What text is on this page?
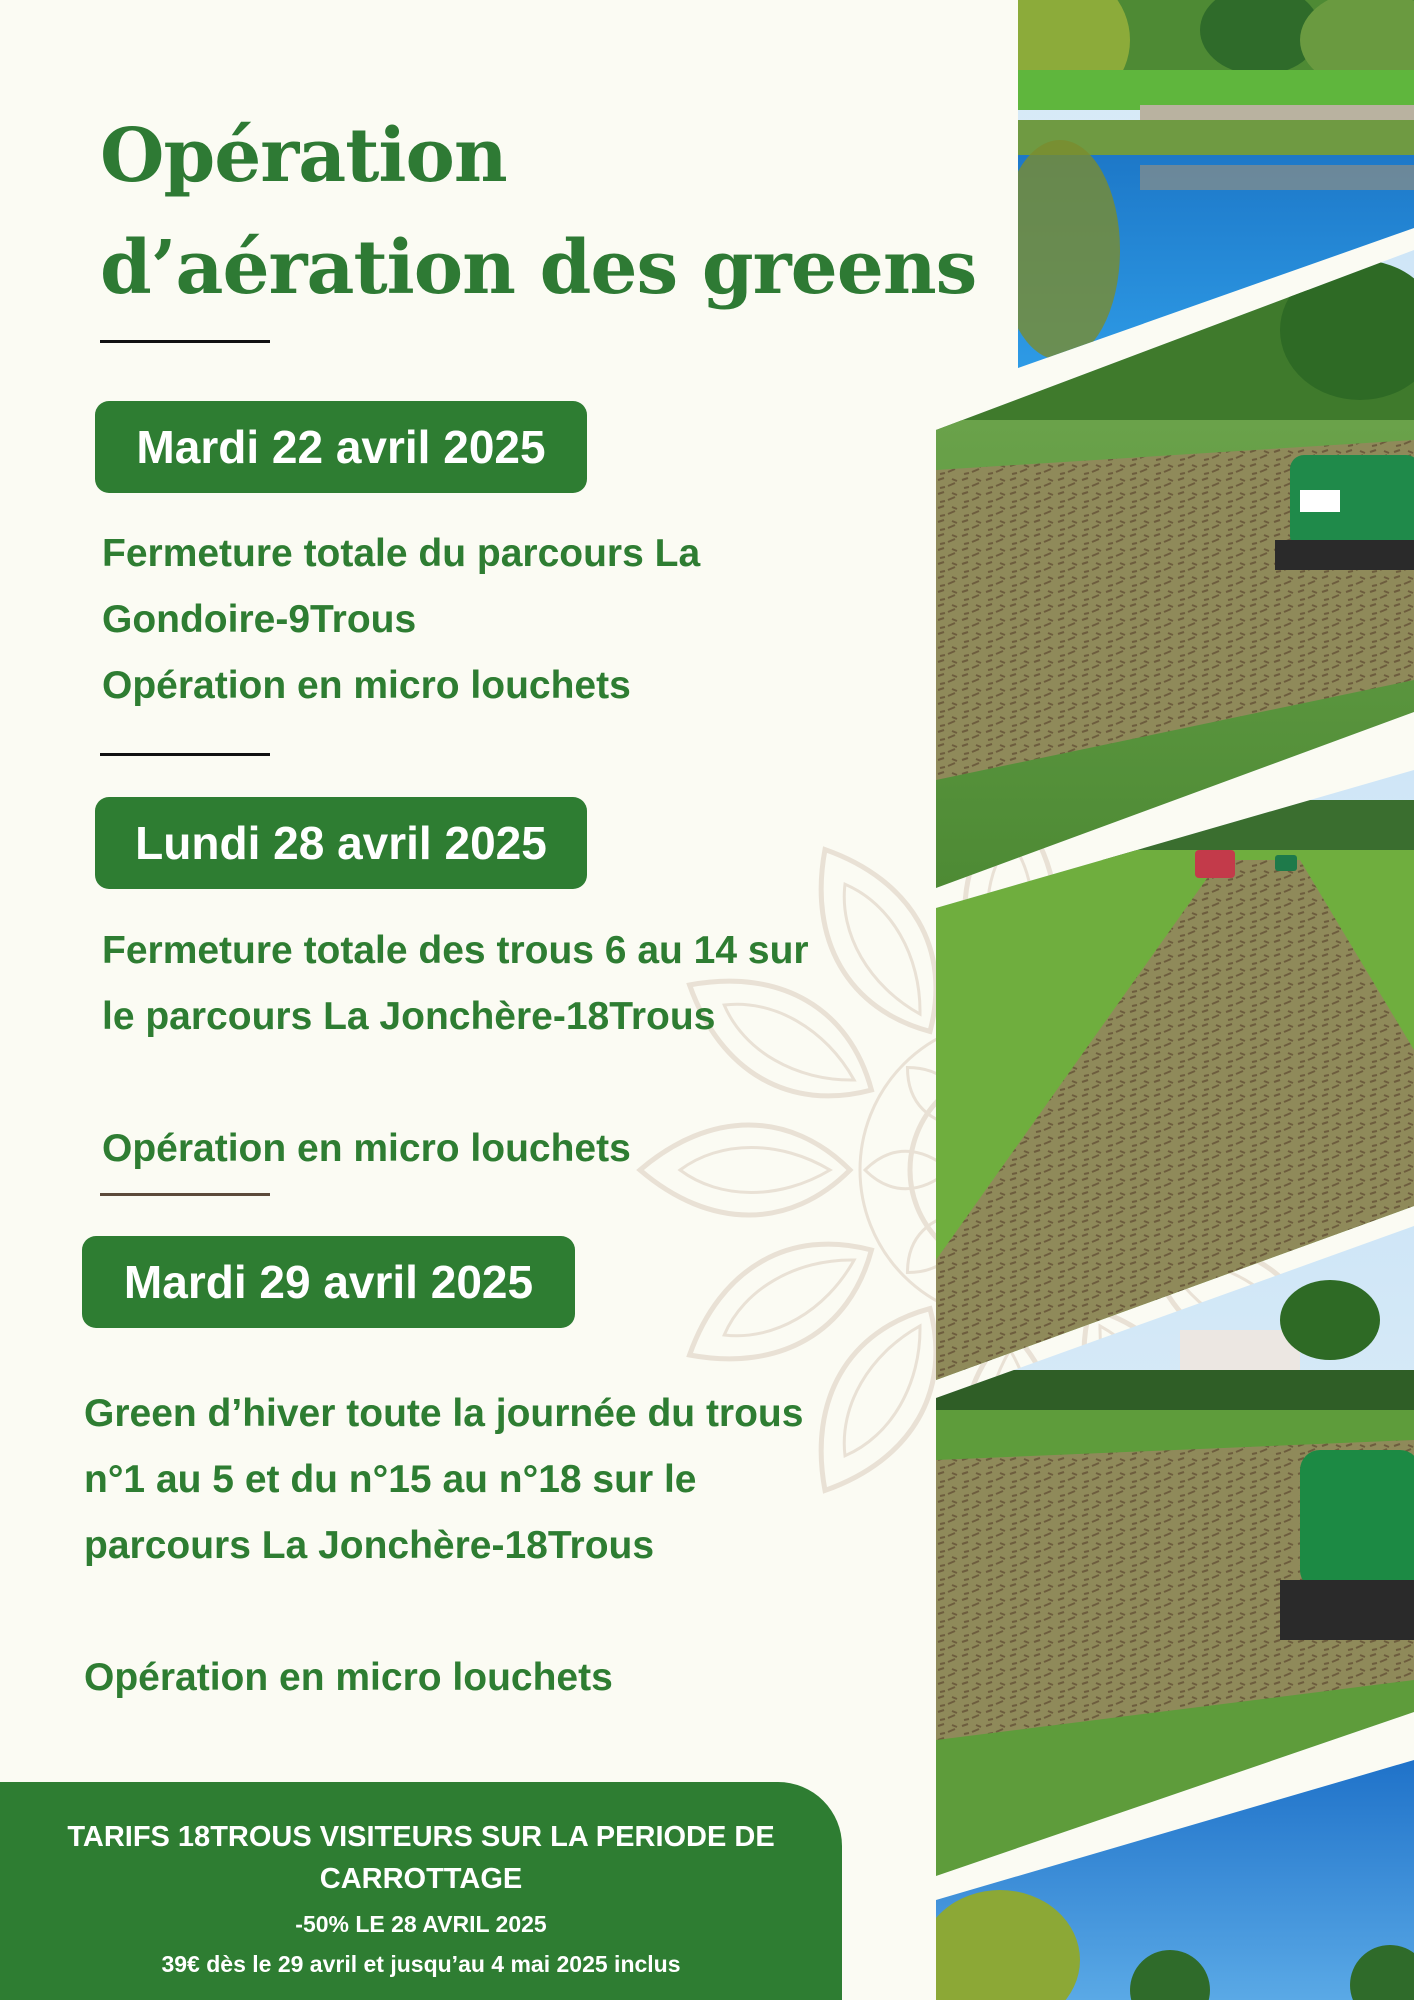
Opération
d’aération des greens
Mardi 22 avril 2025

Fermeture totale du parcours La

Gondoire-9Trous

Opération en micro louchets

Lundi 28 avril 2025

Fermeture totale des trous 6 au 14 sur

le parcours La Jonchère-18Trous

Opération en micro louchets

Mardi 29 avril 2025

Green d’hiver toute la journée du trous

n°1 au 5 et du n°15 au n°18 sur le

parcours La Jonchère-18Trous

Opération en micro louchets

TARIFS 18TROUS VISITEURS SUR LA PERIODE DE CARROTTAGE
-50% LE 28 AVRIL 2025
39€ dès le 29 avril et jusqu’au 4 mai 2025 inclus
